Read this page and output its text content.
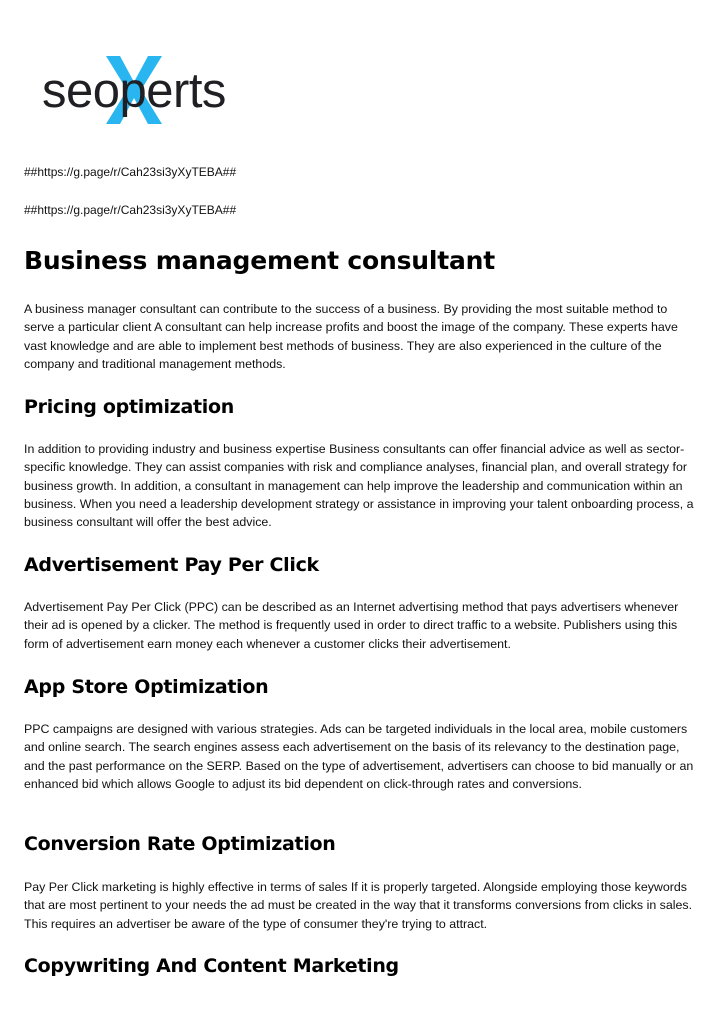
seoperts
##https://g.page/r/Cah23si3yXyTEBA##
##https://g.page/r/Cah23si3yXyTEBA##
Business management consultant

A business manager consultant can contribute to the success of a business. By providing the most suitable method to serve a particular client A consultant can help increase profits and boost the image of the company. These experts have vast knowledge and are able to implement best methods of business. They are also experienced in the culture of the company and traditional management methods.

Pricing optimization

In addition to providing industry and business expertise Business consultants can offer financial advice as well as sector-specific knowledge. They can assist companies with risk and compliance analyses, financial plan, and overall strategy for business growth. In addition, a consultant in management can help improve the leadership and communication within an business. When you need a leadership development strategy or assistance in improving your talent onboarding process, a business consultant will offer the best advice.

Advertisement Pay Per Click

Advertisement Pay Per Click (PPC) can be described as an Internet advertising method that pays advertisers whenever their ad is opened by a clicker. The method is frequently used in order to direct traffic to a website. Publishers using this form of advertisement earn money each whenever a customer clicks their advertisement.

App Store Optimization

PPC campaigns are designed with various strategies. Ads can be targeted individuals in the local area, mobile customers and online search. The search engines assess each advertisement on the basis of its relevancy to the destination page, and the past performance on the SERP. Based on the type of advertisement, advertisers can choose to bid manually or an enhanced bid which allows Google to adjust its bid dependent on click-through rates and conversions.

Conversion Rate Optimization

Pay Per Click marketing is highly effective in terms of sales If it is properly targeted. Alongside employing those keywords that are most pertinent to your needs the ad must be created in the way that it transforms conversions from clicks in sales. This requires an advertiser be aware of the type of consumer they're trying to attract.

Copywriting And Content Marketing
